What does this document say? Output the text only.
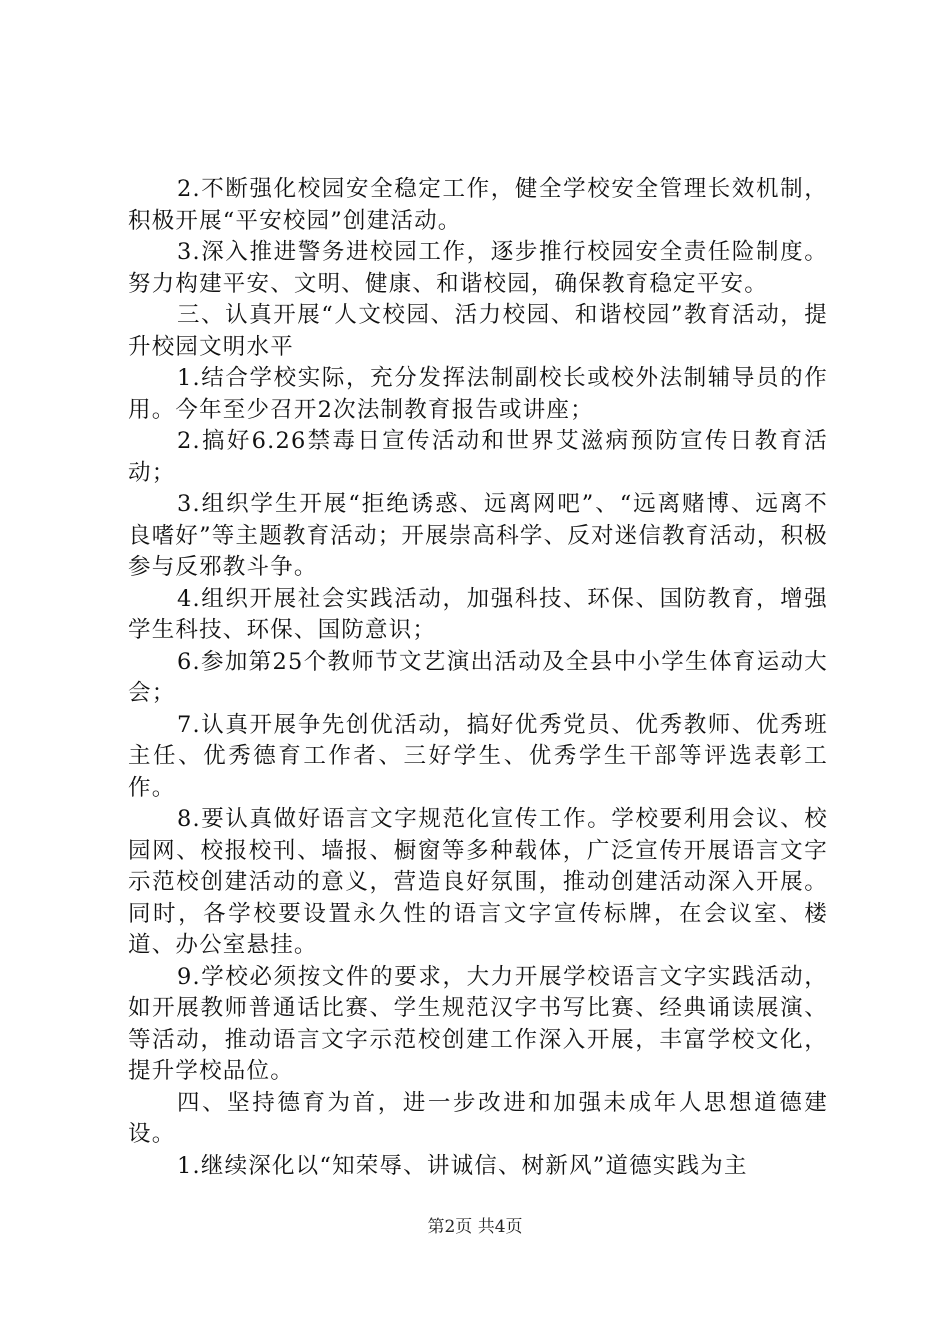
2.不断强化校园安全稳定工作，健全学校安全管理长效机制，积极开展“平安校园”创建活动。

3.深入推进警务进校园工作，逐步推行校园安全责任险制度。努力构建平安、文明、健康、和谐校园，确保教育稳定平安。

三、认真开展“人文校园、活力校园、和谐校园”教育活动，提升校园文明水平

1.结合学校实际，充分发挥法制副校长或校外法制辅导员的作用。今年至少召开2次法制教育报告或讲座；

2.搞好6.26禁毒日宣传活动和世界艾滋病预防宣传日教育活动；

3.组织学生开展“拒绝诱惑、远离网吧”、“远离赌博、远离不良嗜好”等主题教育活动；开展崇高科学、反对迷信教育活动，积极参与反邪教斗争。

4.组织开展社会实践活动，加强科技、环保、国防教育，增强学生科技、环保、国防意识；

6.参加第25个教师节文艺演出活动及全县中小学生体育运动大会；

7.认真开展争先创优活动，搞好优秀党员、优秀教师、优秀班主任、优秀德育工作者、三好学生、优秀学生干部等评选表彰工作。

8.要认真做好语言文字规范化宣传工作。学校要利用会议、校园网、校报校刊、墙报、橱窗等多种载体，广泛宣传开展语言文字示范校创建活动的意义，营造良好氛围，推动创建活动深入开展。同时，各学校要设置永久性的语言文字宣传标牌，在会议室、楼道、办公室悬挂。

9.学校必须按文件的要求，大力开展学校语言文字实践活动，如开展教师普通话比赛、学生规范汉字书写比赛、经典诵读展演、等活动，推动语言文字示范校创建工作深入开展，丰富学校文化，提升学校品位。

四、坚持德育为首，进一步改进和加强未成年人思想道德建设。

1.继续深化以“知荣辱、讲诚信、树新风”道德实践为主

第2页 共4页
